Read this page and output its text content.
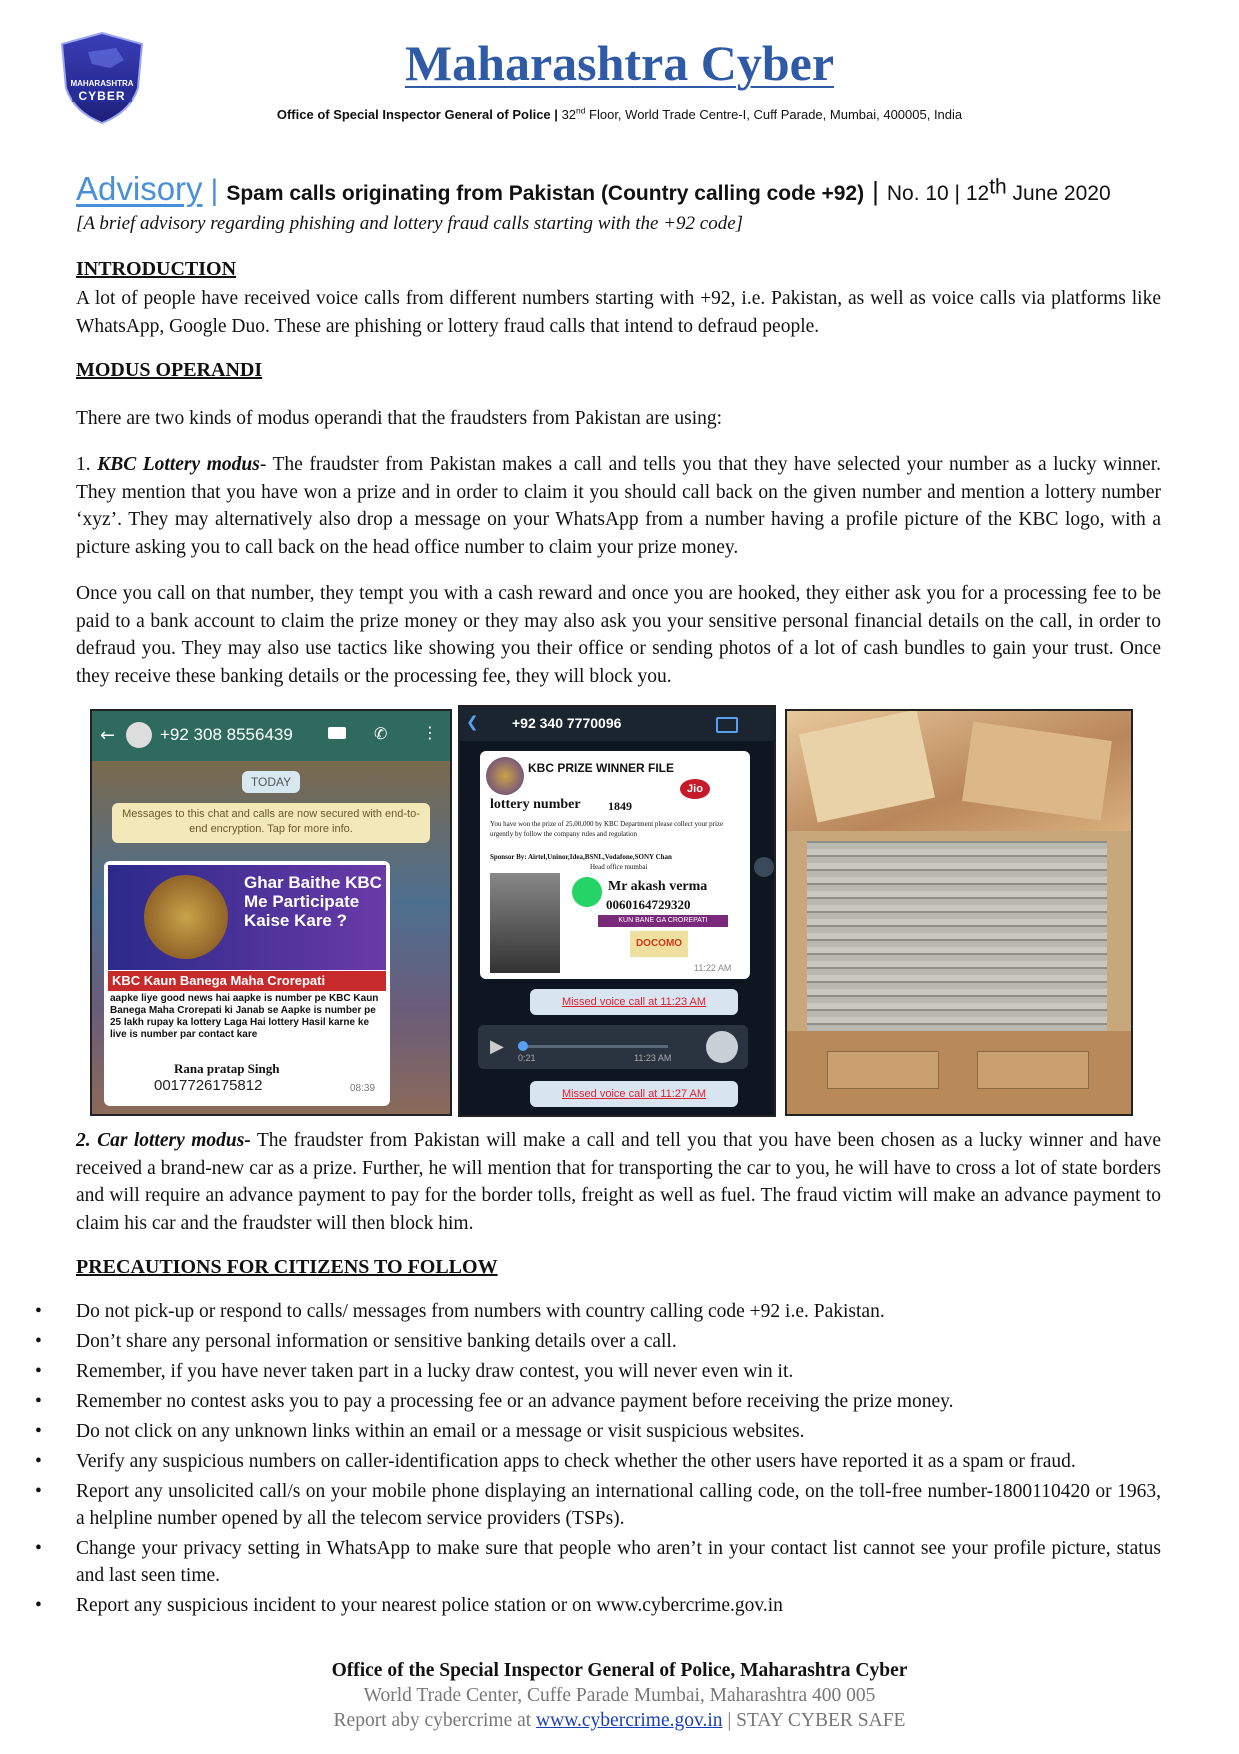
MAHARASHTRA
CYBER
Maharashtra Cyber
Office of Special Inspector General of Police | 32nd Floor, World Trade Centre-I, Cuff Parade, Mumbai, 400005, India
Advisory | Spam calls originating from Pakistan (Country calling code +92) | No. 10 | 12th June 2020
[A brief advisory regarding phishing and lottery fraud calls starting with the +92 code]
INTRODUCTION
A lot of people have received voice calls from different numbers starting with +92, i.e. Pakistan, as well as voice calls via platforms like WhatsApp, Google Duo. These are phishing or lottery fraud calls that intend to defraud people.
MODUS OPERANDI
There are two kinds of modus operandi that the fraudsters from Pakistan are using:
1. KBC Lottery modus- The fraudster from Pakistan makes a call and tells you that they have selected your number as a lucky winner. They mention that you have won a prize and in order to claim it you should call back on the given number and mention a lottery number ‘xyz’. They may alternatively also drop a message on your WhatsApp from a number having a profile picture of the KBC logo, with a picture asking you to call back on the head office number to claim your prize money.
Once you call on that number, they tempt you with a cash reward and once you are hooked, they either ask you for a processing fee to be paid to a bank account to claim the prize money or they may also ask you your sensitive personal financial details on the call, in order to defraud you. They may also use tactics like showing you their office or sending photos of a lot of cash bundles to gain your trust. Once they receive these banking details or the processing fee, they will block you.
←	+92 308 8556439	✆ ⋮
TODAY
Messages to this chat and calls are now secured with end-to-end encryption. Tap for more info.
Ghar Baithe KBC Me Participate Kaise Kare ?
KBC Kaun Banega Maha Crorepati
aapke liye good news hai aapke is number pe KBC Kaun Banega Maha Crorepati ki Janab se Aapke is number pe 25 lakh rupay ka lottery Laga Hai lottery Hasil karne ke live is number par contact kare
Rana pratap Singh
0017726175812	08:39
❮ +92 340 7770096
KBC PRIZE WINNER FILE
Jio
lottery number 1849
You have won the prize of 25,00,000 by KBC Department please collect your prize urgently by follow the company rules and regulation
Sponsor By: Airtel,Uninor,Idea,BSNL,Vodafone,SONY Chan
Head office mumbai
Mr akash verma
0060164729320
KUN BANE GA CROREPATI
DOCOMO
11:22 AM
Missed voice call at 11:23 AM
▶
0:21	11:23 AM
Missed voice call at 11:27 AM
2. Car lottery modus- The fraudster from Pakistan will make a call and tell you that you have been chosen as a lucky winner and have received a brand-new car as a prize. Further, he will mention that for transporting the car to you, he will have to cross a lot of state borders and will require an advance payment to pay for the border tolls, freight as well as fuel. The fraud victim will make an advance payment to claim his car and the fraudster will then block him.
PRECAUTIONS FOR CITIZENS TO FOLLOW
• Do not pick-up or respond to calls/ messages from numbers with country calling code +92 i.e. Pakistan.
• Don’t share any personal information or sensitive banking details over a call.
• Remember, if you have never taken part in a lucky draw contest, you will never even win it.
• Remember no contest asks you to pay a processing fee or an advance payment before receiving the prize money.
• Do not click on any unknown links within an email or a message or visit suspicious websites.
• Verify any suspicious numbers on caller-identification apps to check whether the other users have reported it as a spam or fraud.
• Report any unsolicited call/s on your mobile phone displaying an international calling code, on the toll-free number-1800110420 or 1963, a helpline number opened by all the telecom service providers (TSPs).
• Change your privacy setting in WhatsApp to make sure that people who aren’t in your contact list cannot see your profile picture, status and last seen time.
• Report any suspicious incident to your nearest police station or on www.cybercrime.gov.in
Office of the Special Inspector General of Police, Maharashtra Cyber
World Trade Center, Cuffe Parade Mumbai, Maharashtra 400 005
Report aby cybercrime at www.cybercrime.gov.in | STAY CYBER SAFE
